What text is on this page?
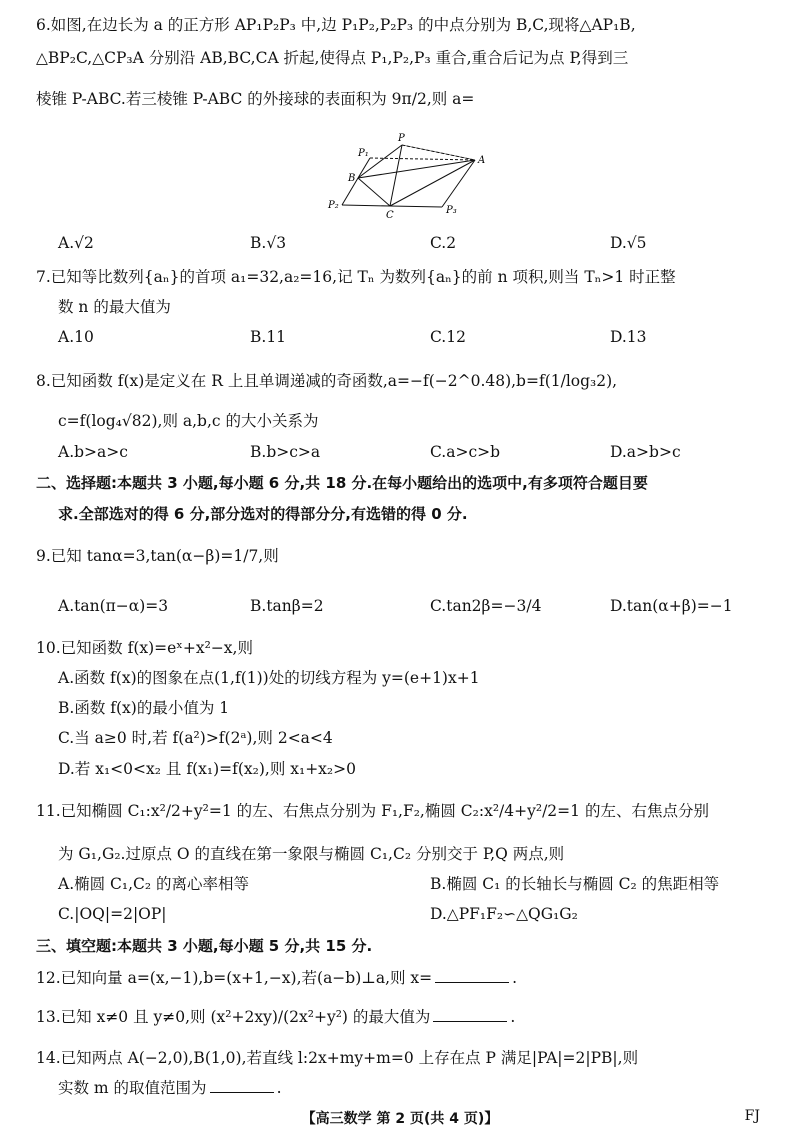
6.如图,在边长为 a 的正方形 AP₁P₂P₃ 中,边 P₁P₂,P₂P₃ 的中点分别为 B,C,现将△AP₁B,
△BP₂C,△CP₃A 分别沿 AB,BC,CA 折起,使得点 P₁,P₂,P₃ 重合,重合后记为点 P,得到三
棱锥 P-ABC.若三棱锥 P-ABC 的外接球的表面积为 9π/2,则 a=
P
P₁
A
B
P₂
C	P₃
A.√2	B.√3	C.2	D.√5
7.已知等比数列{aₙ}的首项 a₁=32,a₂=16,记 Tₙ 为数列{aₙ}的前 n 项积,则当 Tₙ>1 时正整
数 n 的最大值为
A.10	B.11	C.12	D.13
8.已知函数 f(x)是定义在 R 上且单调递减的奇函数,a=−f(−2^0.48),b=f(1/log₃2),
c=f(log₄√82),则 a,b,c 的大小关系为
A.b>a>c	B.b>c>a	C.a>c>b	D.a>b>c
二、选择题:本题共 3 小题,每小题 6 分,共 18 分.在每小题给出的选项中,有多项符合题目要
求.全部选对的得 6 分,部分选对的得部分分,有选错的得 0 分.
9.已知 tanα=3,tan(α−β)=1/7,则
A.tan(π−α)=3	B.tanβ=2	C.tan2β=−3/4	D.tan(α+β)=−1
10.已知函数 f(x)=eˣ+x²−x,则
A.函数 f(x)的图象在点(1,f(1))处的切线方程为 y=(e+1)x+1
B.函数 f(x)的最小值为 1
C.当 a≥0 时,若 f(a²)>f(2ᵃ),则 2<a<4
D.若 x₁<0<x₂ 且 f(x₁)=f(x₂),则 x₁+x₂>0
11.已知椭圆 C₁:x²/2+y²=1 的左、右焦点分别为 F₁,F₂,椭圆 C₂:x²/4+y²/2=1 的左、右焦点分别
为 G₁,G₂.过原点 O 的直线在第一象限与椭圆 C₁,C₂ 分别交于 P,Q 两点,则
A.椭圆 C₁,C₂ 的离心率相等	B.椭圆 C₁ 的长轴长与椭圆 C₂ 的焦距相等
C.|OQ|=2|OP|	D.△PF₁F₂∽△QG₁G₂
三、填空题:本题共 3 小题,每小题 5 分,共 15 分.
12.已知向量 a=(x,−1),b=(x+1,−x),若(a−b)⊥a,则 x=	.
13.已知 x≠0 且 y≠0,则 (x²+2xy)/(2x²+y²) 的最大值为	.
14.已知两点 A(−2,0),B(1,0),若直线 l:2x+my+m=0 上存在点 P 满足|PA|=2|PB|,则
实数 m 的取值范围为	.
【高三数学 第 2 页(共 4 页)】	FJ
